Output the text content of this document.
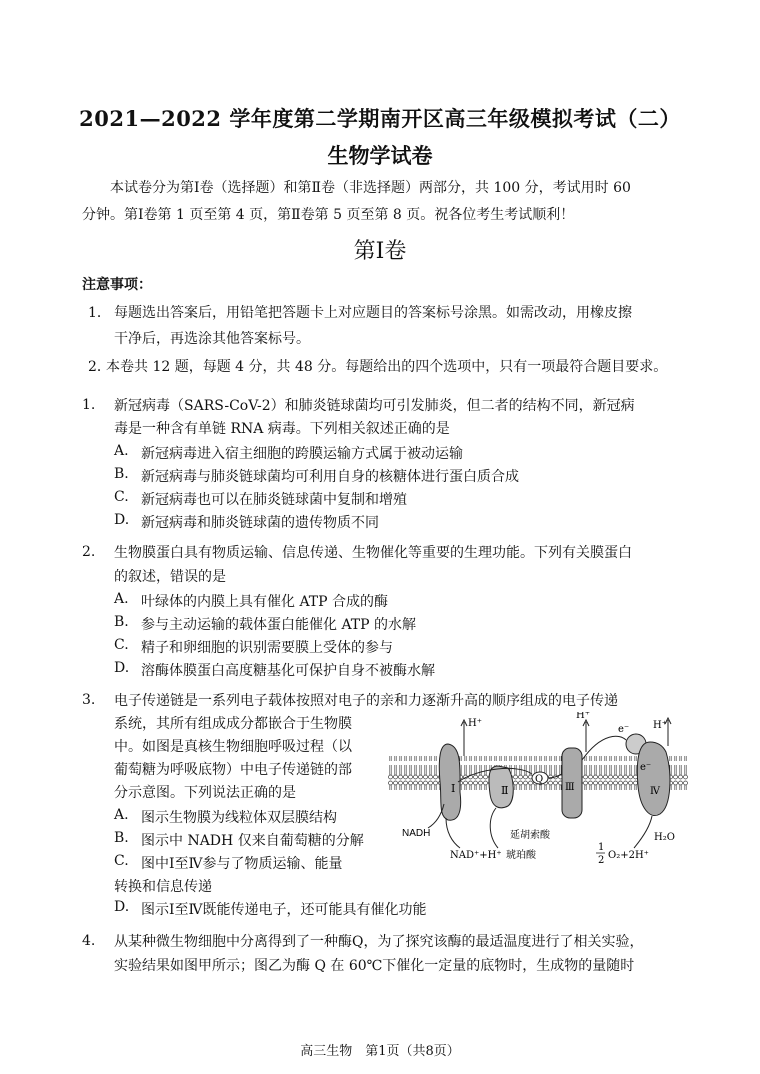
2021—2022 学年度第二学期南开区高三年级模拟考试（二）
生物学试卷
本试卷分为第Ⅰ卷（选择题）和第Ⅱ卷（非选择题）两部分，共 100 分，考试用时 60
分钟。第Ⅰ卷第 1 页至第 4 页，第Ⅱ卷第 5 页至第 8 页。祝各位考生考试顺利！
第Ⅰ卷
注意事项：
1． 每题选出答案后，用铅笔把答题卡上对应题目的答案标号涂黑。如需改动，用橡皮擦
干净后，再选涂其他答案标号。
2．
本卷共 12 题，每题 4 分，共 48 分。每题给出的四个选项中，只有一项最符合题目要求。
1. 新冠病毒（SARS-CoV-2）和肺炎链球菌均可引发肺炎，但二者的结构不同，新冠病
毒是一种含有单链 RNA 病毒。下列相关叙述正确的是
A. 新冠病毒进入宿主细胞的跨膜运输方式属于被动运输
B. 新冠病毒与肺炎链球菌均可利用自身的核糖体进行蛋白质合成
C. 新冠病毒也可以在肺炎链球菌中复制和增殖
D. 新冠病毒和肺炎链球菌的遗传物质不同
2. 生物膜蛋白具有物质运输、信息传递、生物催化等重要的生理功能。下列有关膜蛋白
的叙述，错误的是
A. 叶绿体的内膜上具有催化 ATP 合成的酶
B. 参与主动运输的载体蛋白能催化 ATP 的水解
C. 精子和卵细胞的识别需要膜上受体的参与
D. 溶酶体膜蛋白高度糖基化可保护自身不被酶水解
3. 电子传递链是一系列电子载体按照对电子的亲和力逐渐升高的顺序组成的电子传递
系统，其所有组成成分都嵌合于生物膜
中。如图是真核生物细胞呼吸过程（以
葡萄糖为呼吸底物）中电子传递链的部
分示意图。下列说法正确的是
A. 图示生物膜为线粒体双层膜结构
B. 图示中 NADH 仅来自葡萄糖的分解
C. 图中Ⅰ至Ⅳ参与了物质运输、能量
转换和信息传递
D. 图示Ⅰ至Ⅳ既能传递电子，还可能具有催化功能
Ⅰ	Ⅱ
Q
Ⅲ	Ⅳ
H⁺
H⁺
H⁺
e⁻
e⁻
NADH
NAD⁺+H⁺ 琥珀酸
延胡索酸
1
2 O₂+2H⁺
H₂O
4. 从某种微生物细胞中分离得到了一种酶Q，为了探究该酶的最适温度进行了相关实验，
实验结果如图甲所示；图乙为酶 Q 在 60℃下催化一定量的底物时，生成物的量随时
高三生物　第1页（共8页）
